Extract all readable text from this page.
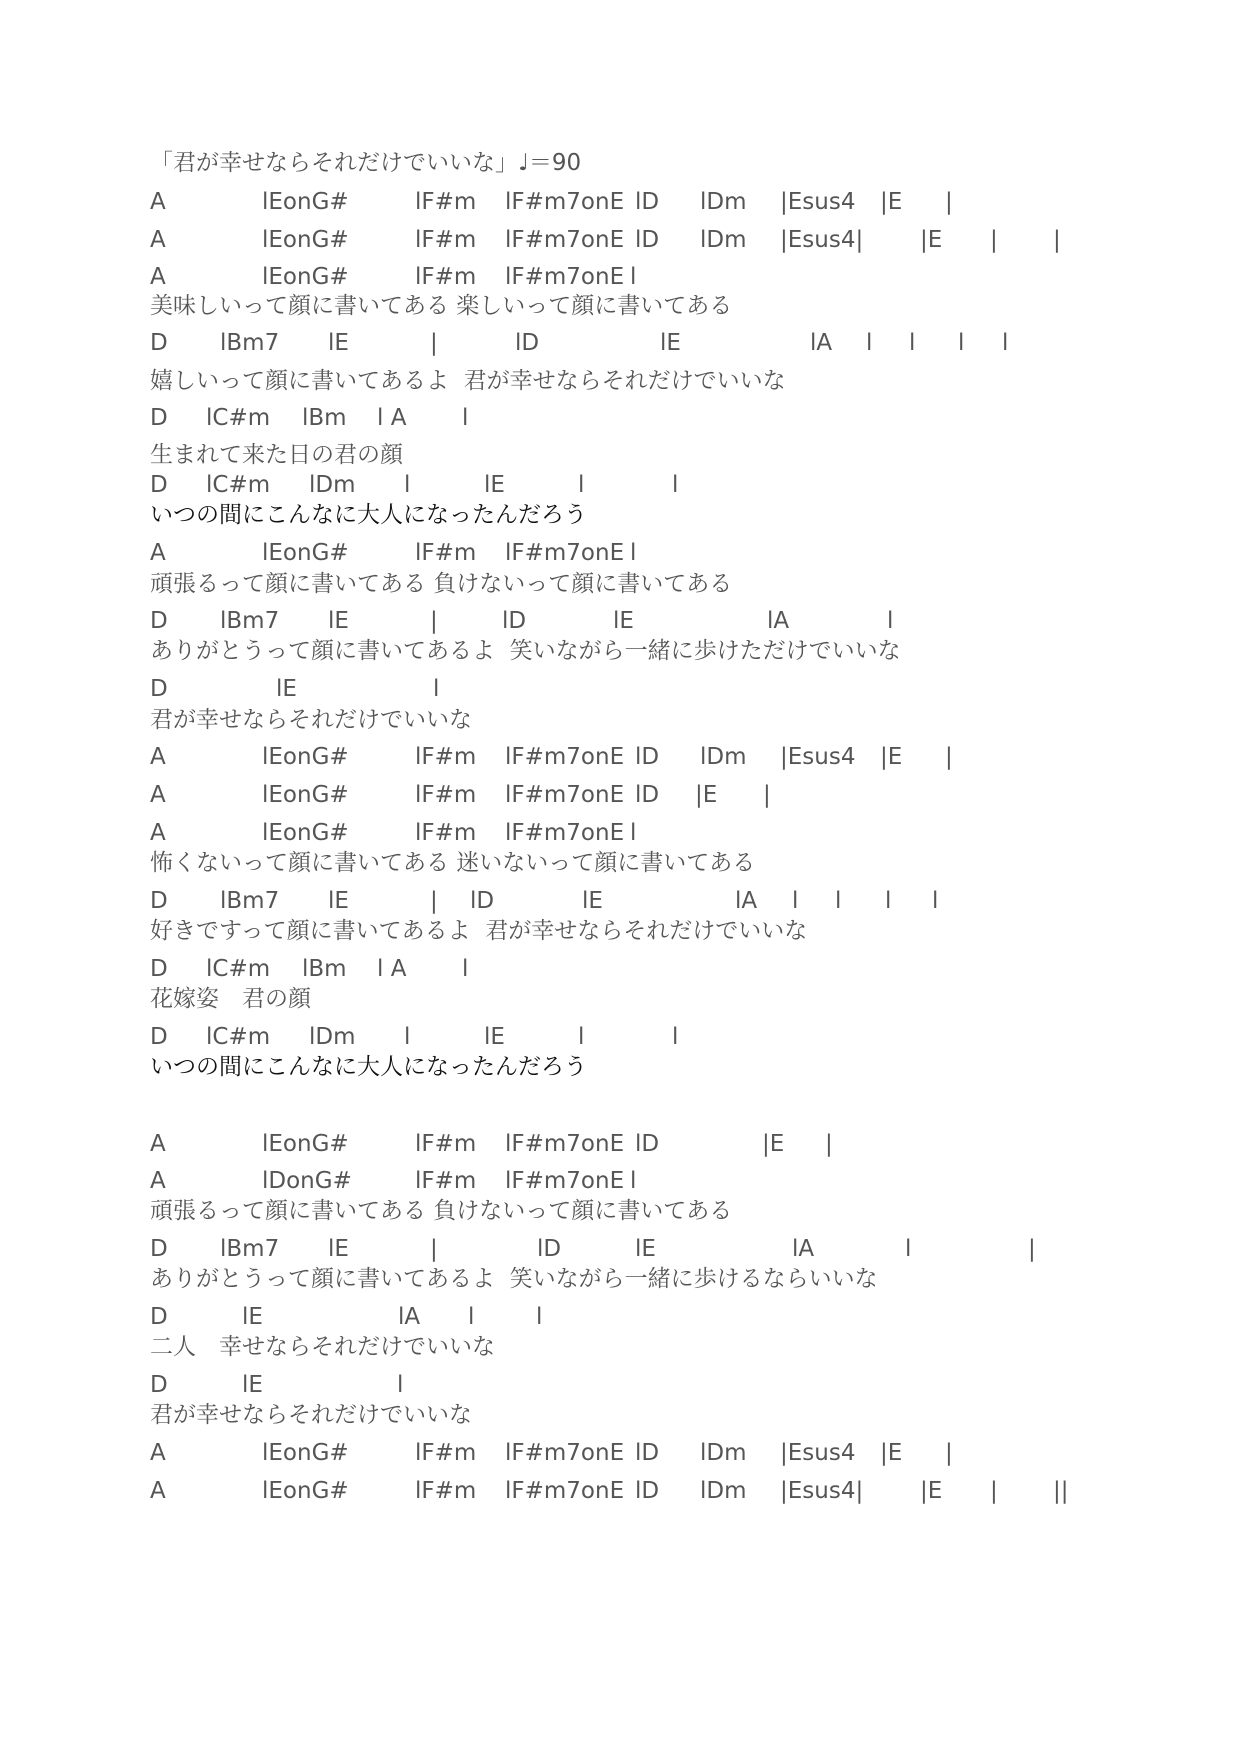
「君が幸せならそれだけでいいな」♩＝90
A	lEonG#	lF#m lF#m7onE lD lDm |Esus4 |E |
A	lEonG#	lF#m lF#m7onE lD lDm |Esus4| |E | |
A	lEonG#	lF#m lF#m7onE l
美味しいって顔に書いてある 楽しいって顔に書いてある
D lBm7 lE	|	lD	lE	lA l l l l
嬉しいって顔に書いてあるよ  君が幸せならそれだけでいいな
D lC#m lBm l A l
生まれて来た日の君の顔
D lC#m lDm l	lE	l	l
いつの間にこんなに大人になったんだろう
A	lEonG#	lF#m lF#m7onE l
頑張るって顔に書いてある 負けないって顔に書いてある
D lBm7 lE	|	lD	lE	lA	l
ありがとうって顔に書いてあるよ  笑いながら一緒に歩けただけでいいな
D	lE	l
君が幸せならそれだけでいいな
A	lEonG#	lF#m lF#m7onE lD lDm |Esus4 |E |
A	lEonG#	lF#m lF#m7onE lD |E |
A	lEonG#	lF#m lF#m7onE l
怖くないって顔に書いてある 迷いないって顔に書いてある
D lBm7 lE	| lD	lE	lA l l l l
好きですって顔に書いてあるよ  君が幸せならそれだけでいいな
D lC#m lBm l A l
花嫁姿　君の顔
D lC#m lDm l	lE	l	l
いつの間にこんなに大人になったんだろう
A	lEonG#	lF#m lF#m7onE lD	|E |
A	lDonG#	lF#m lF#m7onE l
頑張るって顔に書いてある 負けないって顔に書いてある
D lBm7 lE	|	lD	lE	lA	l	|
ありがとうって顔に書いてあるよ  笑いながら一緒に歩けるならいいな
D	lE	lA l	l
二人　幸せならそれだけでいいな
D	lE	l
君が幸せならそれだけでいいな
A	lEonG#	lF#m lF#m7onE lD lDm |Esus4 |E |
A	lEonG#	lF#m lF#m7onE lD lDm |Esus4| |E | ||
